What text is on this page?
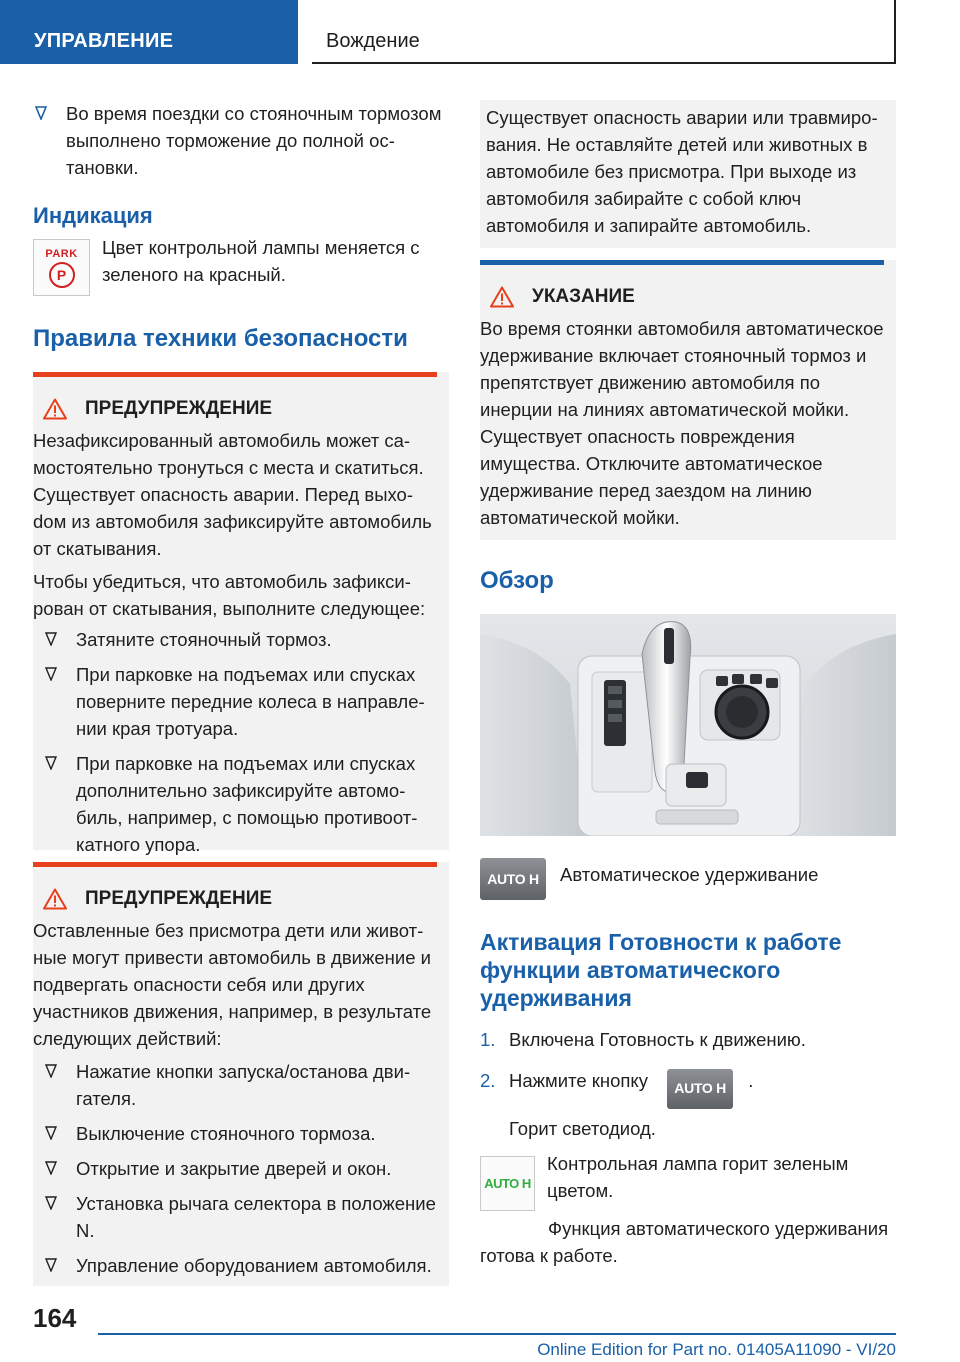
УПРАВЛЕНИЕ	Вождение
Во время поездки со стояночным тормозом выполнено торможение до полной остановки.
Индикация
PARK
P
Цвет контрольной лампы меняется с зеленого на красный.
Правила техники безопасности
ПРЕДУПРЕЖДЕНИЕ
Незафиксированный автомобиль может самостоятельно тронуться с места и скатиться. Существует опасность аварии. Перед выхоdом из автомобиля зафиксируйте автомобиль от скатывания.
Чтобы убедиться, что автомобиль зафиксирован от скатывания, выполните следующее:
Затяните стояночный тормоз.
При парковке на подъемах или спусках поверните передние колеса в направлении края тротуара.
При парковке на подъемах или спусках дополнительно зафиксируйте автомобиль, например, с помощью противооткатного упора.
ПРЕДУПРЕЖДЕНИЕ
Оставленные без присмотра дети или животные могут привести автомобиль в движение и подвергать опасности себя или других участников движения, например, в результате следующих действий:
Нажатие кнопки запуска/останова двигателя.
Выключение стояночного тормоза.
Открытие и закрытие дверей и окон.
Установка рычага селектора в положение N.
Управление оборудованием автомобиля.
Существует опасность аварии или травмирования. Не оставляйте детей или животных в автомобиле без присмотра. При выходе из автомобиля забирайте с собой ключ автомобиля и запирайте автомобиль.
УКАЗАНИЕ
Во время стоянки автомобиля автоматическое удерживание включает стояночный тормоз и препятствует движению автомобиля по инерции на линиях автоматической мойки. Существует опасность повреждения имущества. Отключите автоматическое удерживание перед заездом на линию автоматической мойки.
Обзор
AUTO H	Автоматическое удерживание
Активация Готовности к работе функции автоматического удерживания
1. Включена Готовность к движению.
2. Нажмите кнопку AUTO H .
Горит светодиод.
AUTO H
Контрольная лампа горит зеленым цветом.
Функция автоматического удерживания готова к работе.
164
Online Edition for Part no. 01405A11090 - VI/20
